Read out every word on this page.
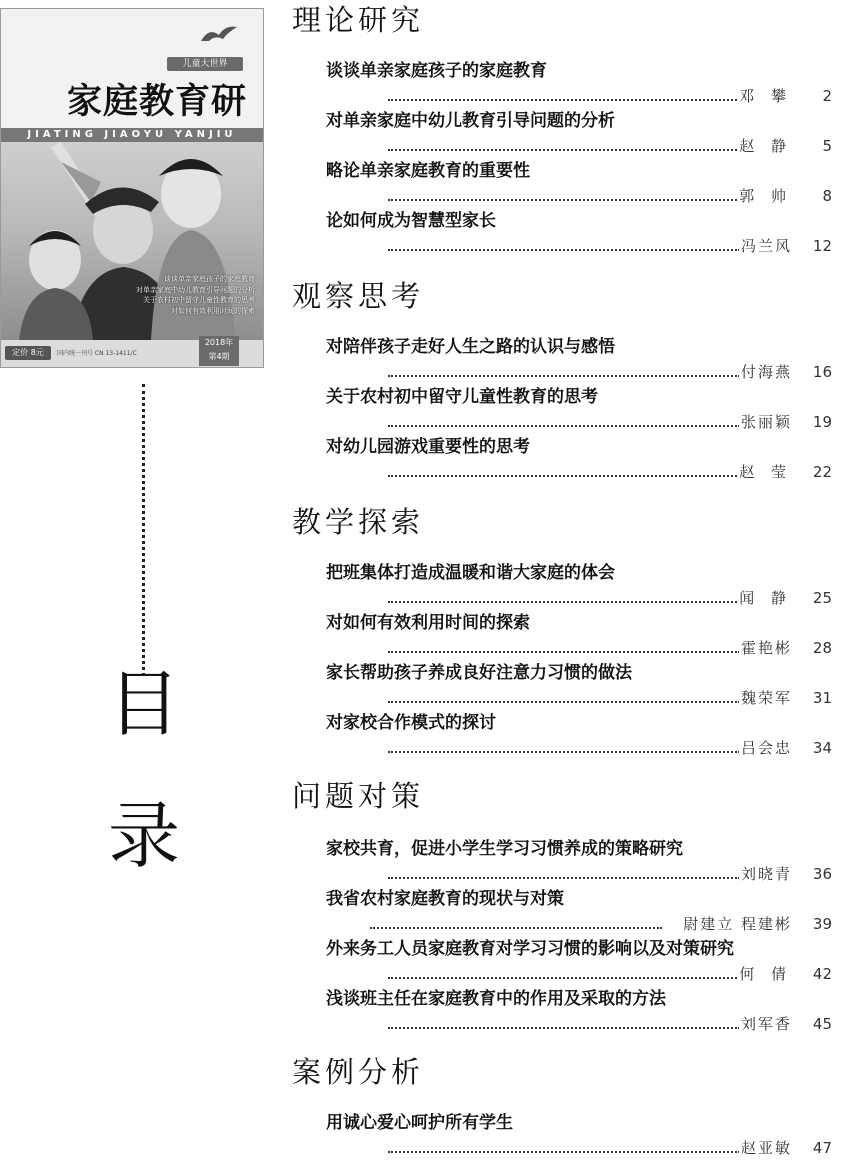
儿童大世界
家庭教育研
JIATING JIAOYU YANJIU
谈谈单亲家庭孩子的家庭教育
对单亲家庭中幼儿教育引导问题的分析
关于农村初中留守儿童性教育的思考
对如何有效利用时间的探索
定价 8元	国内统一刊号 CN 13-1411/C
2018年
第4期
目
录
理论研究
谈谈单亲家庭孩子的家庭教育
邓 攀	2
对单亲家庭中幼儿教育引导问题的分析
赵 静	5
略论单亲家庭教育的重要性
郭 帅	8
论如何成为智慧型家长
冯兰风	12
观察思考
对陪伴孩子走好人生之路的认识与感悟
付海燕	16
关于农村初中留守儿童性教育的思考
张丽颖	19
对幼儿园游戏重要性的思考
赵 莹	22
教学探索
把班集体打造成温暖和谐大家庭的体会
闻 静	25
对如何有效利用时间的探索
霍艳彬	28
家长帮助孩子养成良好注意力习惯的做法
魏荣军	31
对家校合作模式的探讨
吕会忠	34
问题对策
家校共育，促进小学生学习习惯养成的策略研究
刘晓青	36
我省农村家庭教育的现状与对策
尉建立 程建彬	39
外来务工人员家庭教育对学习习惯的影响以及对策研究
何 倩	42
浅谈班主任在家庭教育中的作用及采取的方法
刘军香	45
案例分析
用诚心爱心呵护所有学生
赵亚敏	47
